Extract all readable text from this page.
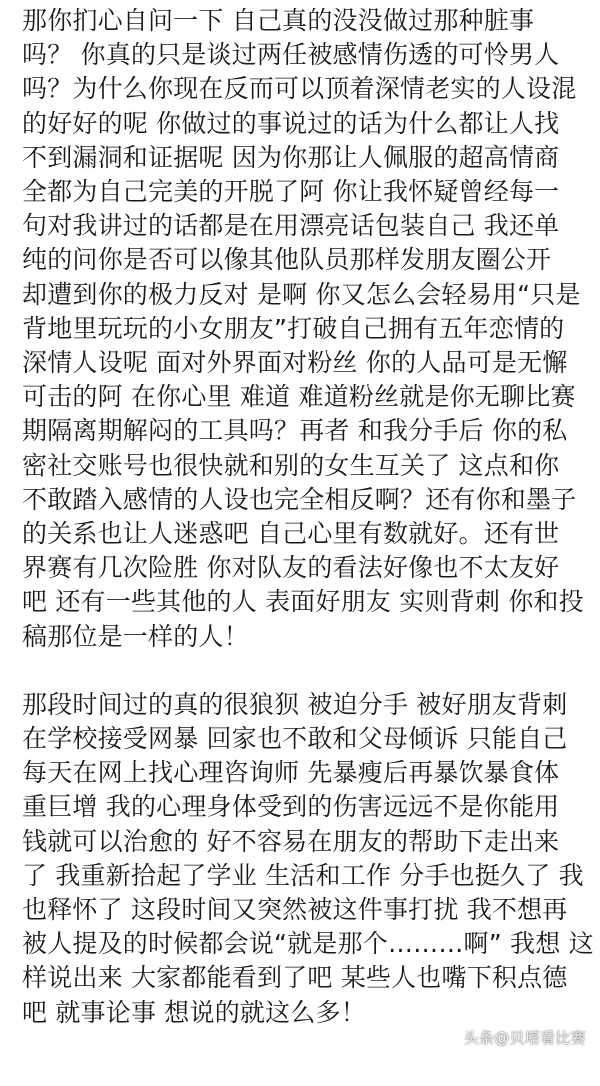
那你扪心自问一下 自己真的没没做过那种脏事
吗？ 你真的只是谈过两任被感情伤透的可怜男人
吗？为什么你现在反而可以顶着深情老实的人设混
的好好的呢 你做过的事说过的话为什么都让人找
不到漏洞和证据呢 因为你那让人佩服的超高情商
全都为自己完美的开脱了阿 你让我怀疑曾经每一
句对我讲过的话都是在用漂亮话包装自己 我还单
纯的问你是否可以像其他队员那样发朋友圈公开
却遭到你的极力反对 是啊 你又怎么会轻易用“只是
背地里玩玩的小女朋友”打破自己拥有五年恋情的
深情人设呢 面对外界面对粉丝 你的人品可是无懈
可击的阿 在你心里 难道 难道粉丝就是你无聊比赛
期隔离期解闷的工具吗？再者 和我分手后 你的私
密社交账号也很快就和别的女生互关了 这点和你
不敢踏入感情的人设也完全相反啊？还有你和墨子
的关系也让人迷惑吧 自己心里有数就好。还有世
界赛有几次险胜 你对队友的看法好像也不太友好
吧 还有一些其他的人 表面好朋友 实则背刺 你和投
稿那位是一样的人！
那段时间过的真的很狼狈 被迫分手 被好朋友背刺
在学校接受网暴 回家也不敢和父母倾诉 只能自己
每天在网上找心理咨询师 先暴瘦后再暴饮暴食体
重巨增 我的心理身体受到的伤害远远不是你能用
钱就可以治愈的 好不容易在朋友的帮助下走出来
了 我重新拾起了学业 生活和工作 分手也挺久了 我
也释怀了 这段时间又突然被这件事打扰 我不想再
被人提及的时候都会说“就是那个………啊” 我想 这
样说出来 大家都能看到了吧 某些人也嘴下积点德
吧 就事论事 想说的就这么多！
头条@贝塔看比赛
